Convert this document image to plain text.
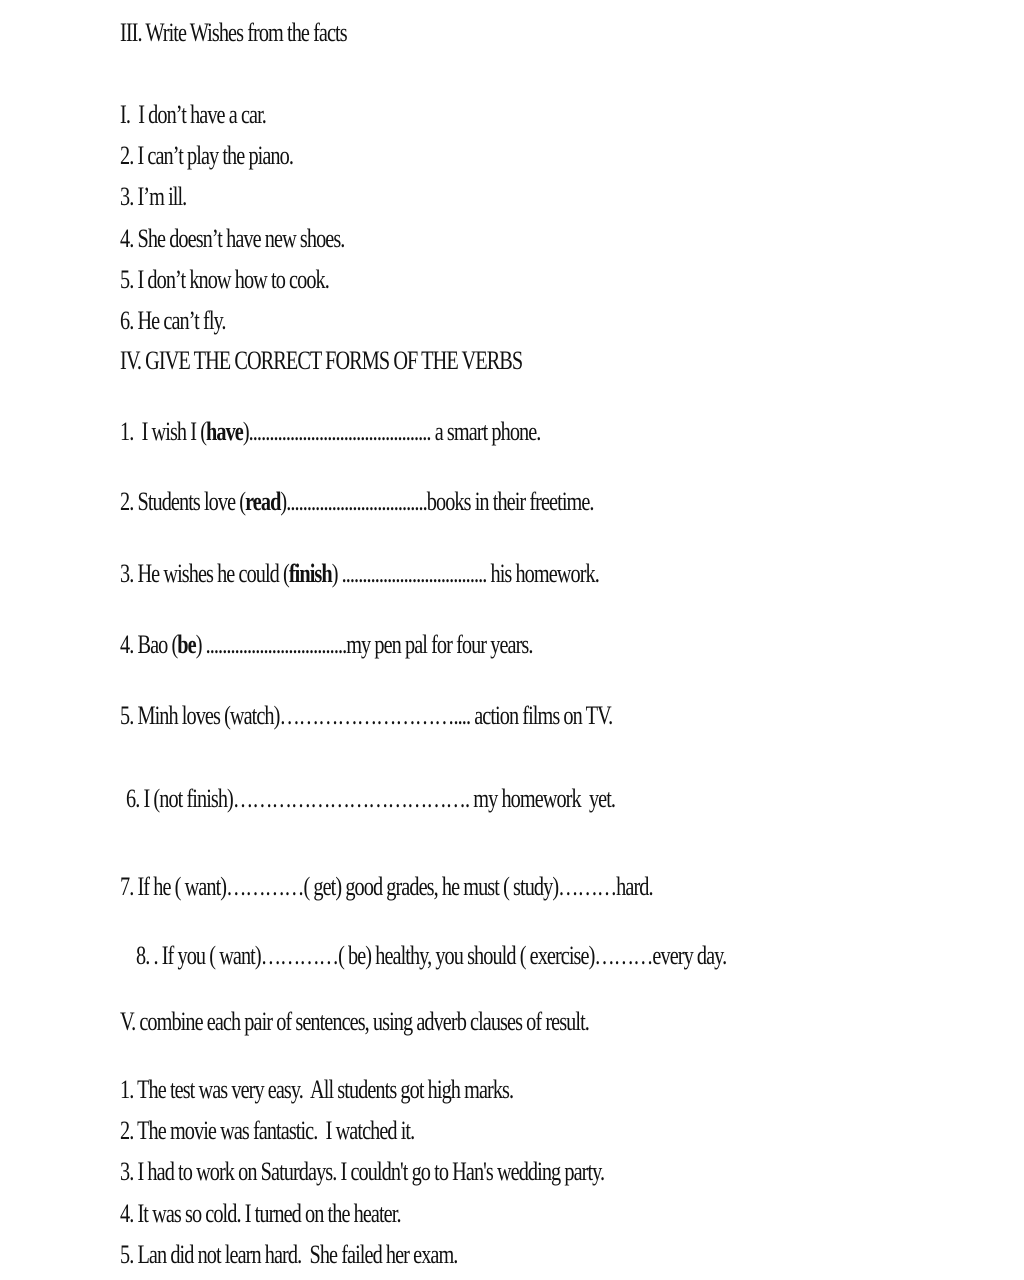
III. Write Wishes from the facts
I.  I don’t have a car.
2. I can’t play the piano.
3. I’m ill.
4. She doesn’t have new shoes.
5. I don’t know how to cook.
6. He can’t fly.
IV. GIVE THE CORRECT FORMS OF THE VERBS
1.  I wish I (have)............................................ a smart phone.
2. Students love (read)..................................books in their freetime.
3. He wishes he could (finish) ................................... his homework.
4. Bao (be) ..................................my pen pal for four years.
5. Minh loves (watch)……………………….... action films on TV.
6. I (not finish)………………………………. my homework  yet.
7. If he ( want)…………( get) good grades, he must ( study)………hard.
8. . If you ( want)…………( be) healthy, you should ( exercise)………every day.
V. combine each pair of sentences, using adverb clauses of result.
1. The test was very easy.  All students got high marks.
2. The movie was fantastic.  I watched it.
3. I had to work on Saturdays. I couldn't go to Han's wedding party.
4. It was so cold. I turned on the heater.
5. Lan did not learn hard.  She failed her exam.
